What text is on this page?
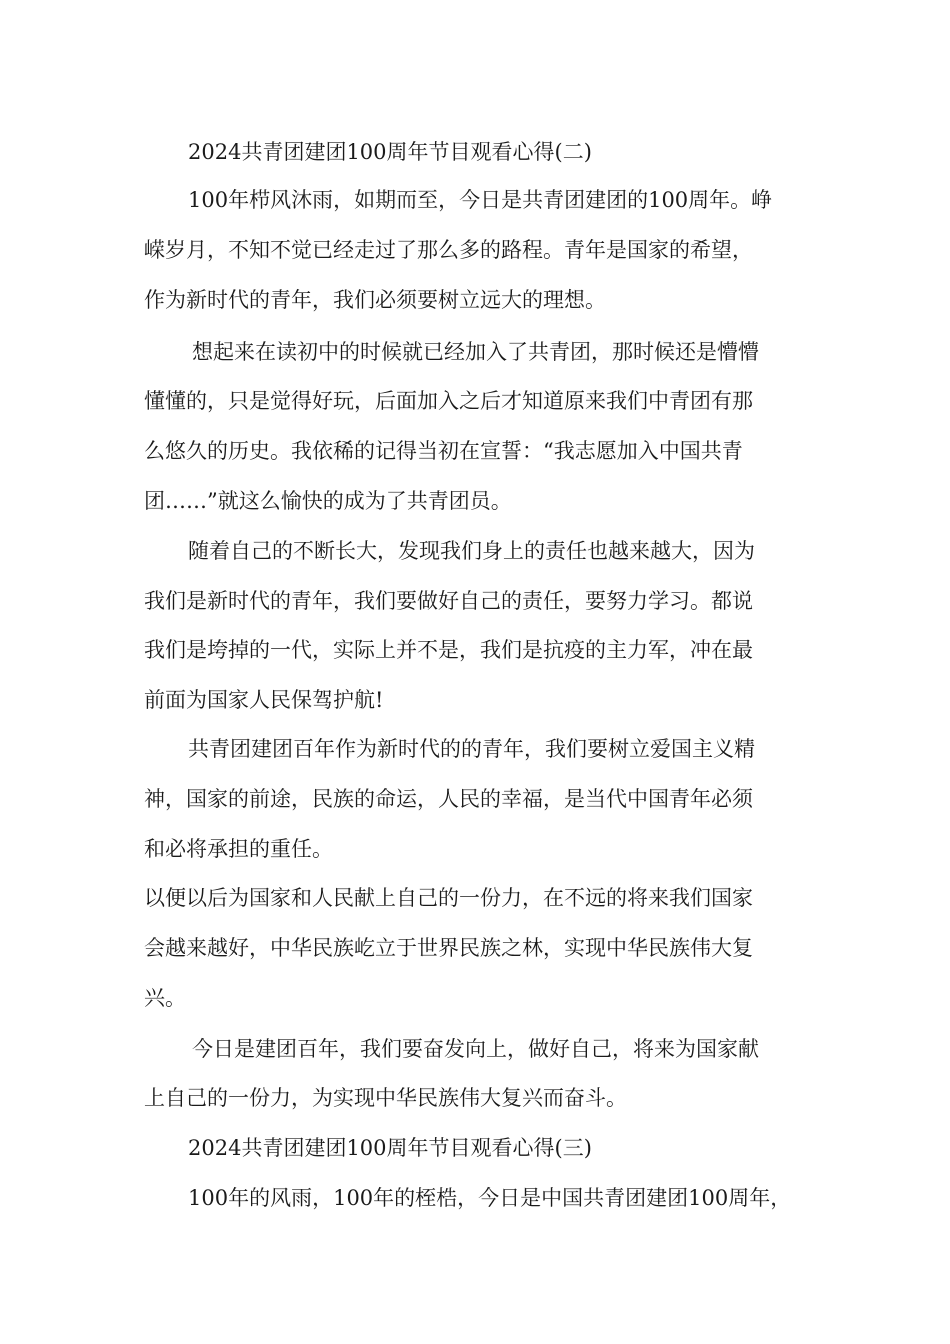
2024共青团建团100周年节目观看心得(二)
100年栉风沐雨，如期而至，今日是共青团建团的100周年。峥
嵘岁月，不知不觉已经走过了那么多的路程。青年是国家的希望，
作为新时代的青年，我们必须要树立远大的理想。
想起来在读初中的时候就已经加入了共青团，那时候还是懵懵
懂懂的，只是觉得好玩，后面加入之后才知道原来我们中青团有那
么悠久的历史。我依稀的记得当初在宣誓：“我志愿加入中国共青
团……”就这么愉快的成为了共青团员。
随着自己的不断长大，发现我们身上的责任也越来越大，因为
我们是新时代的青年，我们要做好自己的责任，要努力学习。都说
我们是垮掉的一代，实际上并不是，我们是抗疫的主力军，冲在最
前面为国家人民保驾护航!
共青团建团百年作为新时代的的青年，我们要树立爱国主义精
神，国家的前途，民族的命运，人民的幸福，是当代中国青年必须
和必将承担的重任。
以便以后为国家和人民献上自己的一份力，在不远的将来我们国家
会越来越好，中华民族屹立于世界民族之林，实现中华民族伟大复
兴。
今日是建团百年，我们要奋发向上，做好自己，将来为国家献
上自己的一份力，为实现中华民族伟大复兴而奋斗。
2024共青团建团100周年节目观看心得(三)
100年的风雨，100年的桎梏，今日是中国共青团建团100周年，
